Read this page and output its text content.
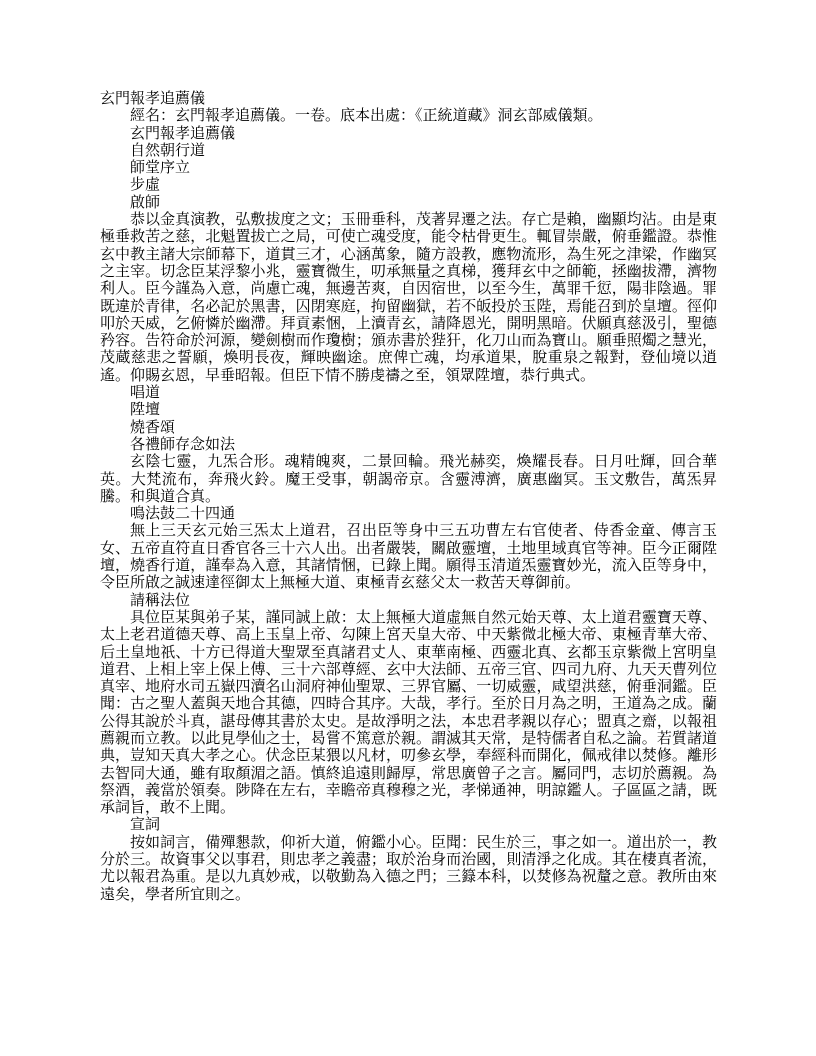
玄門報孝追薦儀

經名：玄門報孝追薦儀。一卷。底本出處：《正統道藏》洞玄部威儀類。

玄門報孝追薦儀

自然朝行道

師堂序立

步虛

啟師

恭以金真演教，弘敷拔度之文；玉冊垂科，茂著昇遷之法。存亡是賴，幽顯均沾。由是東極垂救苦之慈，北魁置拔亡之局，可使亡魂受度，能令枯骨更生。輒冒崇嚴，俯垂鑑證。恭惟玄中教主諸大宗師幕下，道貫三才，心涵萬象，隨方設教，應物流形，為生死之津梁，作幽冥之主宰。切念臣某浮黎小兆，靈寶微生，叨承無量之真梯，獲拜玄中之師範，拯幽拔滯，濟物利人。臣今謹為入意，尚慮亡魂，無邊苦爽，自因宿世，以至今生，萬罪千愆，陽非陰過。罪既違於青律，名必記於黑書，囚閉寒庭，拘留幽獄，若不皈投於玉陛，焉能召到於皇壇。徑仰叩於天威，乞俯憐於幽滯。拜貢素悃，上瀆青玄，請降恩光，開明黑暗。伏願真慈汲引，聖德矜容。告符命於河源，變劍樹而作瓊樹；頒赤書於狴犴，化刀山而為寶山。願垂照燭之慧光，茂蔵慈悲之誓願，煥明長夜，輝映幽途。庶俾亡魂，均承道果，脫重泉之報對，登仙境以逍遙。仰賜玄恩，早垂昭報。但臣下情不勝虔禱之至，領眾陞壇，恭行典式。

唱道

陞壇

燒香頌

各禮師存念如法

玄陰七靈，九炁合形。魂精魄爽，二景回輪。飛光赫奕，煥耀長春。日月吐輝，回合華英。大梵流布，奔飛火鈴。魔王受事，朝謁帝京。含靈溥濟，廣惠幽冥。玉文敷告，萬炁昇騰。和與道合真。

鳴法鼓二十四通

無上三天玄元始三炁太上道君，召出臣等身中三五功曹左右官使者、侍香金童、傳言玉女、五帝直符直日香官各三十六人出。出者嚴裝，關啟靈壇，土地里域真官等神。臣今正爾陞壇，燒香行道，謹奉為入意，其諸情悃，已錄上聞。願得玉清道炁靈寶妙光，流入臣等身中，令臣所啟之誠速達徑御太上無極大道、東極青玄慈父太一救苦天尊御前。

請稱法位

具位臣某與弟子某，謹同誠上啟：太上無極大道虛無自然元始天尊、太上道君靈寶天尊、太上老君道德天尊、高上玉皇上帝、勾陳上宮天皇大帝、中天紫微北極大帝、東極青華大帝、后土皇地祇、十方已得道大聖眾至真諸君丈人、東華南極、西靈北真、玄都玉京紫微上宮明皇道君、上相上宰上保上傅、三十六部尊經、玄中大法師、五帝三官、四司九府、九天天曹列位真宰、地府水司五嶽四瀆名山洞府神仙聖眾、三界官屬、一切威靈，咸望洪慈，俯垂洞鑑。臣聞：古之聖人蓋與天地合其德，四時合其序。大哉，孝行。至於日月為之明，王道為之成。蘭公得其說於斗真，諶母傳其書於太史。是故淨明之法，本忠君孝親以存心；盟真之齋，以報祖薦親而立教。以此見學仙之士，曷嘗不篤意於親。謂滅其天常，是特儒者自私之論。若質諸道典，豈知天真大孝之心。伏念臣某猥以凡材，叨參玄學，奉經科而開化，佩戒律以焚修。離形去智同大通，雖有取顏湄之語。慎終追遠則歸厚，常思廣曾子之言。屬同門，志切於薦親。為祭酒，義當於領奏。陟降在左右，幸瞻帝真穆穆之光，孝悌通神，明諒鑑人。子區區之請，既承詞旨，敢不上聞。

宣詞

按如詞言，備殫懇款，仰祈大道，俯鑑小心。臣聞：民生於三，事之如一。道出於一，教分於三。故資事父以事君，則忠孝之義盡；取於治身而治國，則清淨之化成。其在棲真者流，尤以報君為重。是以九真妙戒，以敬勤為入德之門；三籙本科，以焚修為祝釐之意。教所由來遠矣，學者所宜則之。
